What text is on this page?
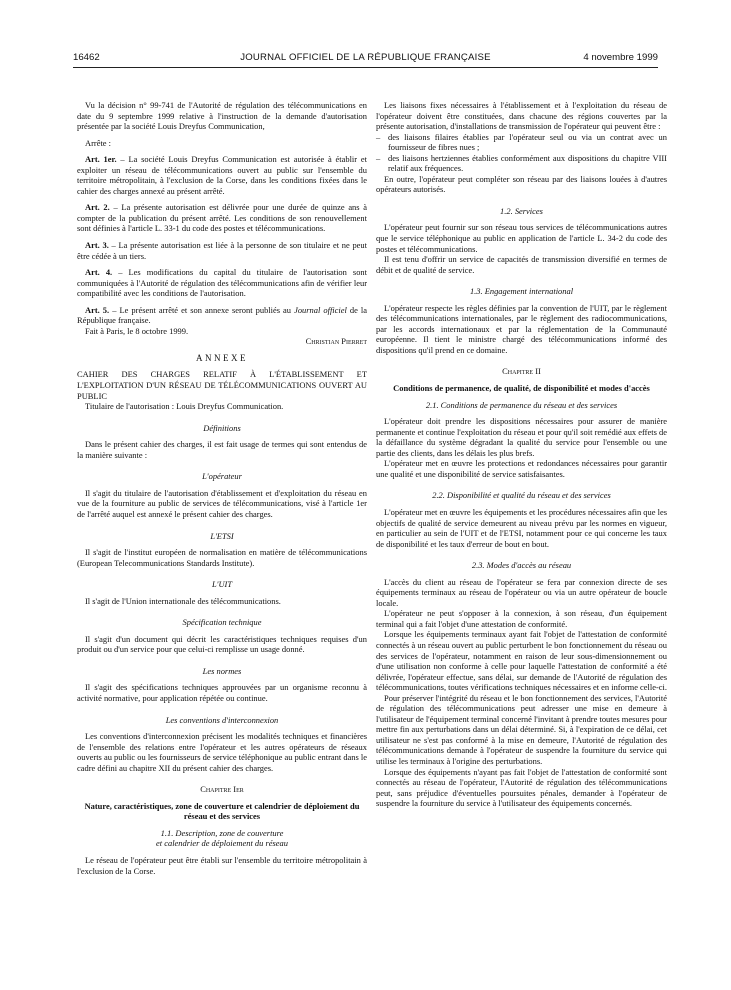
16462	JOURNAL OFFICIEL DE LA RÉPUBLIQUE FRANÇAISE	4 novembre 1999

Vu la décision n° 99-741 de l'Autorité de régulation des télécommunications en date du 9 septembre 1999 relative à l'instruction de la demande d'autorisation présentée par la société Louis Dreyfus Communication,

Arrête :

Art. 1er. – La société Louis Dreyfus Communication est autorisée à établir et exploiter un réseau de télécommunications ouvert au public sur l'ensemble du territoire métropolitain, à l'exclusion de la Corse, dans les conditions fixées dans le cahier des charges annexé au présent arrêté.

Art. 2. – La présente autorisation est délivrée pour une durée de quinze ans à compter de la publication du présent arrêté. Les conditions de son renouvellement sont définies à l'article L. 33-1 du code des postes et télécommunications.

Art. 3. – La présente autorisation est liée à la personne de son titulaire et ne peut être cédée à un tiers.

Art. 4. – Les modifications du capital du titulaire de l'autorisation sont communiquées à l'Autorité de régulation des télécommunications afin de vérifier leur compatibilité avec les conditions de l'autorisation.

Art. 5. – Le présent arrêté et son annexe seront publiés au Journal officiel de la République française.

Fait à Paris, le 8 octobre 1999.

Christian Pierret

ANNEXE

CAHIER DES CHARGES RELATIF À L'ÉTABLISSEMENT ET L'EXPLOITATION D'UN RÉSEAU DE TÉLÉCOMMUNICATIONS OUVERT AU PUBLIC

Titulaire de l'autorisation : Louis Dreyfus Communication.

Définitions

Dans le présent cahier des charges, il est fait usage de termes qui sont entendus de la manière suivante :

L'opérateur

Il s'agit du titulaire de l'autorisation d'établissement et d'exploitation du réseau en vue de la fourniture au public de services de télécommunications, visé à l'article 1er de l'arrêté auquel est annexé le présent cahier des charges.

L'ETSI

Il s'agit de l'institut européen de normalisation en matière de télécommunications (European Telecommunications Standards Institute).

L'UIT

Il s'agit de l'Union internationale des télécommunications.

Spécification technique

Il s'agit d'un document qui décrit les caractéristiques techniques requises d'un produit ou d'un service pour que celui-ci remplisse un usage donné.

Les normes

Il s'agit des spécifications techniques approuvées par un organisme reconnu à activité normative, pour application répétée ou continue.

Les conventions d'interconnexion

Les conventions d'interconnexion précisent les modalités techniques et financières de l'ensemble des relations entre l'opérateur et les autres opérateurs de réseaux ouverts au public ou les fournisseurs de service téléphonique au public entrant dans le cadre défini au chapitre XII du présent cahier des charges.

Chapitre Ier

Nature, caractéristiques, zone de couverture et calendrier de déploiement du réseau et des services

1.1. Description, zone de couverture

et calendrier de déploiement du réseau

Le réseau de l'opérateur peut être établi sur l'ensemble du territoire métropolitain à l'exclusion de la Corse.

Les liaisons fixes nécessaires à l'établissement et à l'exploitation du réseau de l'opérateur doivent être constituées, dans chacune des régions couvertes par la présente autorisation, d'installations de transmission de l'opérateur qui peuvent être :

– des liaisons filaires établies par l'opérateur seul ou via un contrat avec un fournisseur de fibres nues ;
– des liaisons hertziennes établies conformément aux dispositions du chapitre VIII relatif aux fréquences.

En outre, l'opérateur peut compléter son réseau par des liaisons louées à d'autres opérateurs autorisés.

1.2. Services

L'opérateur peut fournir sur son réseau tous services de télécommunications autres que le service téléphonique au public en application de l'article L. 34-2 du code des postes et télécommunications.

Il est tenu d'offrir un service de capacités de transmission diversifié en termes de débit et de qualité de service.

1.3. Engagement international

L'opérateur respecte les règles définies par la convention de l'UIT, par le règlement des télécommunications internationales, par le règlement des radiocommunications, par les accords internationaux et par la réglementation de la Communauté européenne. Il tient le ministre chargé des télécommunications informé des dispositions qu'il prend en ce domaine.

Chapitre II

Conditions de permanence, de qualité, de disponibilité et modes d'accès

2.1. Conditions de permanence du réseau et des services

L'opérateur doit prendre les dispositions nécessaires pour assurer de manière permanente et continue l'exploitation du réseau et pour qu'il soit remédié aux effets de la défaillance du système dégradant la qualité du service pour l'ensemble ou une partie des clients, dans les délais les plus brefs.

L'opérateur met en œuvre les protections et redondances nécessaires pour garantir une qualité et une disponibilité de service satisfaisantes.

2.2. Disponibilité et qualité du réseau et des services

L'opérateur met en œuvre les équipements et les procédures nécessaires afin que les objectifs de qualité de service demeurent au niveau prévu par les normes en vigueur, en particulier au sein de l'UIT et de l'ETSI, notamment pour ce qui concerne les taux de disponibilité et les taux d'erreur de bout en bout.

2.3. Modes d'accès au réseau

L'accès du client au réseau de l'opérateur se fera par connexion directe de ses équipements terminaux au réseau de l'opérateur ou via un autre opérateur de boucle locale.

L'opérateur ne peut s'opposer à la connexion, à son réseau, d'un équipement terminal qui a fait l'objet d'une attestation de conformité.

Lorsque les équipements terminaux ayant fait l'objet de l'attestation de conformité connectés à un réseau ouvert au public perturbent le bon fonctionnement du réseau ou des services de l'opérateur, notamment en raison de leur sous-dimensionnement ou d'une utilisation non conforme à celle pour laquelle l'attestation de conformité a été délivrée, l'opérateur effectue, sans délai, sur demande de l'Autorité de régulation des télécommunications, toutes vérifications techniques nécessaires et en informe celle-ci.

Pour préserver l'intégrité du réseau et le bon fonctionnement des services, l'Autorité de régulation des télécommunications peut adresser une mise en demeure à l'utilisateur de l'équipement terminal concerné l'invitant à prendre toutes mesures pour mettre fin aux perturbations dans un délai déterminé. Si, à l'expiration de ce délai, cet utilisateur ne s'est pas conformé à la mise en demeure, l'Autorité de régulation des télécommunications demande à l'opérateur de suspendre la fourniture du service qui utilise les terminaux à l'origine des perturbations.

Lorsque des équipements n'ayant pas fait l'objet de l'attestation de conformité sont connectés au réseau de l'opérateur, l'Autorité de régulation des télécommunications peut, sans préjudice d'éventuelles poursuites pénales, demander à l'opérateur de suspendre la fourniture du service à l'utilisateur des équipements concernés.
